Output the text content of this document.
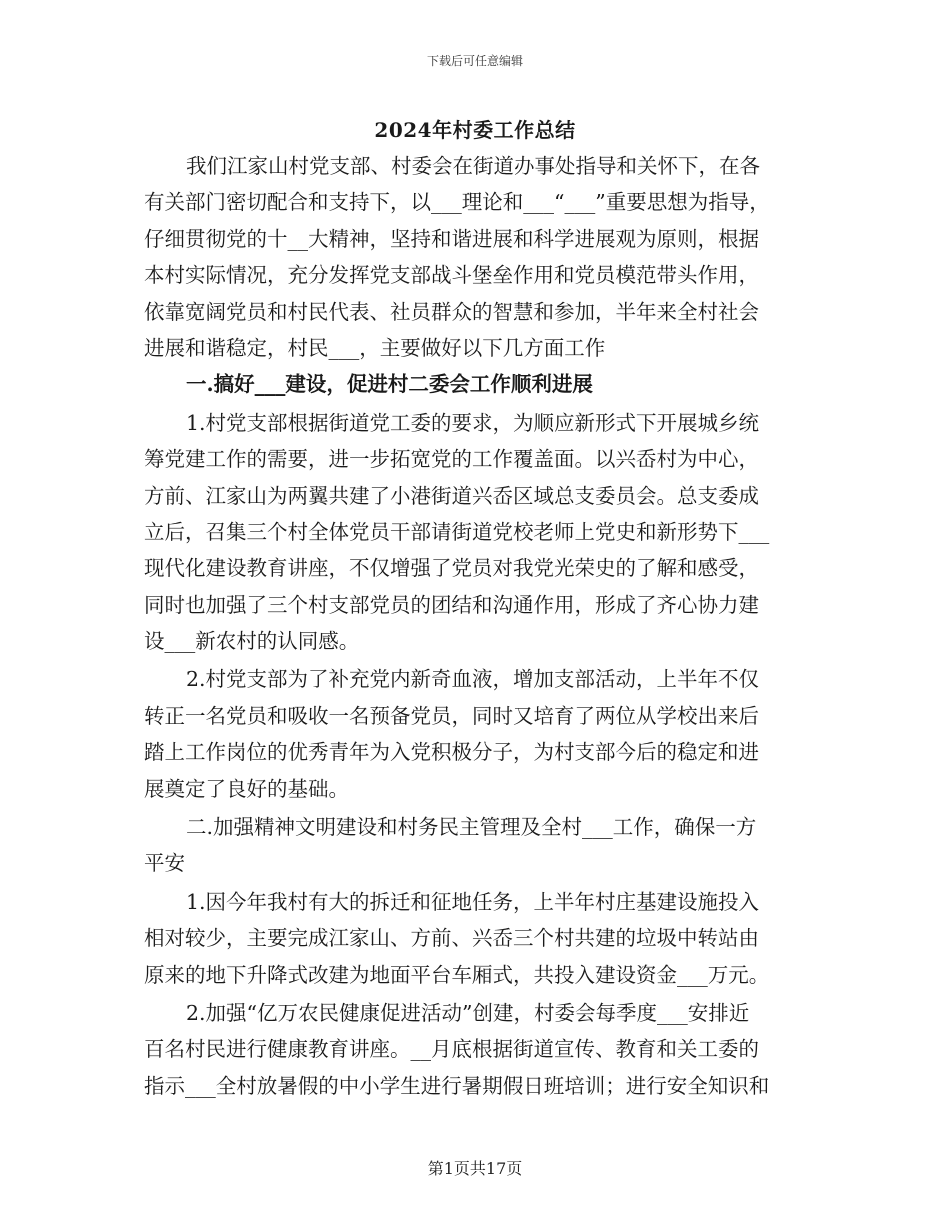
下载后可任意编辑
2024年村委工作总结
我们江家山村党支部、村委会在街道办事处指导和关怀下，在各
有关部门密切配合和支持下，以___理论和___“___”重要思想为指导，
仔细贯彻党的十__大精神，坚持和谐进展和科学进展观为原则，根据
本村实际情况，充分发挥党支部战斗堡垒作用和党员模范带头作用，
依靠宽阔党员和村民代表、社员群众的智慧和参加，半年来全村社会
进展和谐稳定，村民___，主要做好以下几方面工作
一.搞好___建设，促进村二委会工作顺利进展
1.村党支部根据街道党工委的要求，为顺应新形式下开展城乡统
筹党建工作的需要，进一步拓宽党的工作覆盖面。以兴岙村为中心，
方前、江家山为两翼共建了小港街道兴岙区域总支委员会。总支委成
立后，召集三个村全体党员干部请街道党校老师上党史和新形势下___
现代化建设教育讲座，不仅增强了党员对我党光荣史的了解和感受，
同时也加强了三个村支部党员的团结和沟通作用，形成了齐心协力建
设___新农村的认同感。
2.村党支部为了补充党内新奇血液，增加支部活动，上半年不仅
转正一名党员和吸收一名预备党员，同时又培育了两位从学校出来后
踏上工作岗位的优秀青年为入党积极分子，为村支部今后的稳定和进
展奠定了良好的基础。
二.加强精神文明建设和村务民主管理及全村___工作，确保一方
平安
1.因今年我村有大的拆迁和征地任务，上半年村庄基建设施投入
相对较少，主要完成江家山、方前、兴岙三个村共建的垃圾中转站由
原来的地下升降式改建为地面平台车厢式，共投入建设资金___万元。
2.加强“亿万农民健康促进活动”创建，村委会每季度___安排近
百名村民进行健康教育讲座。__月底根据街道宣传、教育和关工委的
指示___全村放暑假的中小学生进行暑期假日班培训；进行安全知识和
第1页共17页
